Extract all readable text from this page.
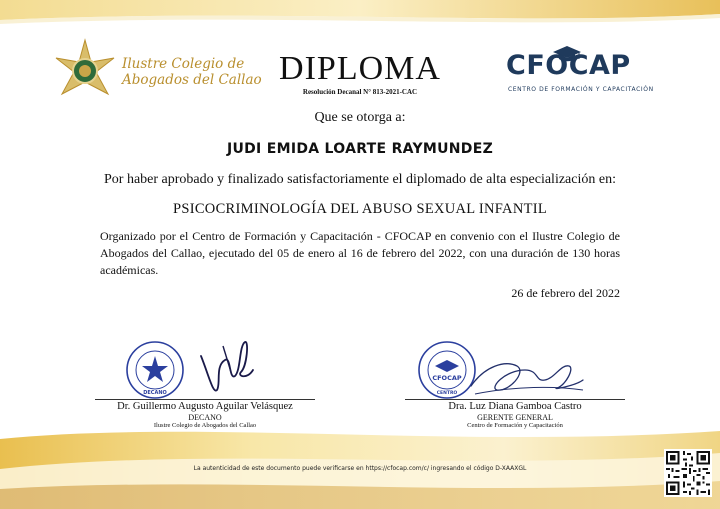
Ilustre Colegio de
Abogados del Callao DIPLOMA
Resolución Decanal N° 813-2021-CAC
CFOCAP
CENTRO DE FORMACIÓN Y CAPACITACIÓN
Que se otorga a:
JUDI EMIDA LOARTE RAYMUNDEZ
Por haber aprobado y finalizado satisfactoriamente el diplomado de alta especialización en:
PSICOCRIMINOLOGÍA DEL ABUSO SEXUAL INFANTIL
Organizado por el Centro de Formación y Capacitación - CFOCAP en convenio con el Ilustre Colegio de Abogados del Callao, ejecutado del 05 de enero al 16 de febrero del 2022, con una duración de 130 horas académicas.
26 de febrero del 2022
DECANO
Dr. Guillermo Augusto Aguilar Velásquez
DECANO
Ilustre Colegio de Abogados del Callao
CFOCAP
CENTRO
Dra. Luz Diana Gamboa Castro
GERENTE GENERAL
Centro de Formación y Capacitación
La autenticidad de este documento puede verificarse en https://cfocap.com/c/ ingresando el código D-XAAXGL
